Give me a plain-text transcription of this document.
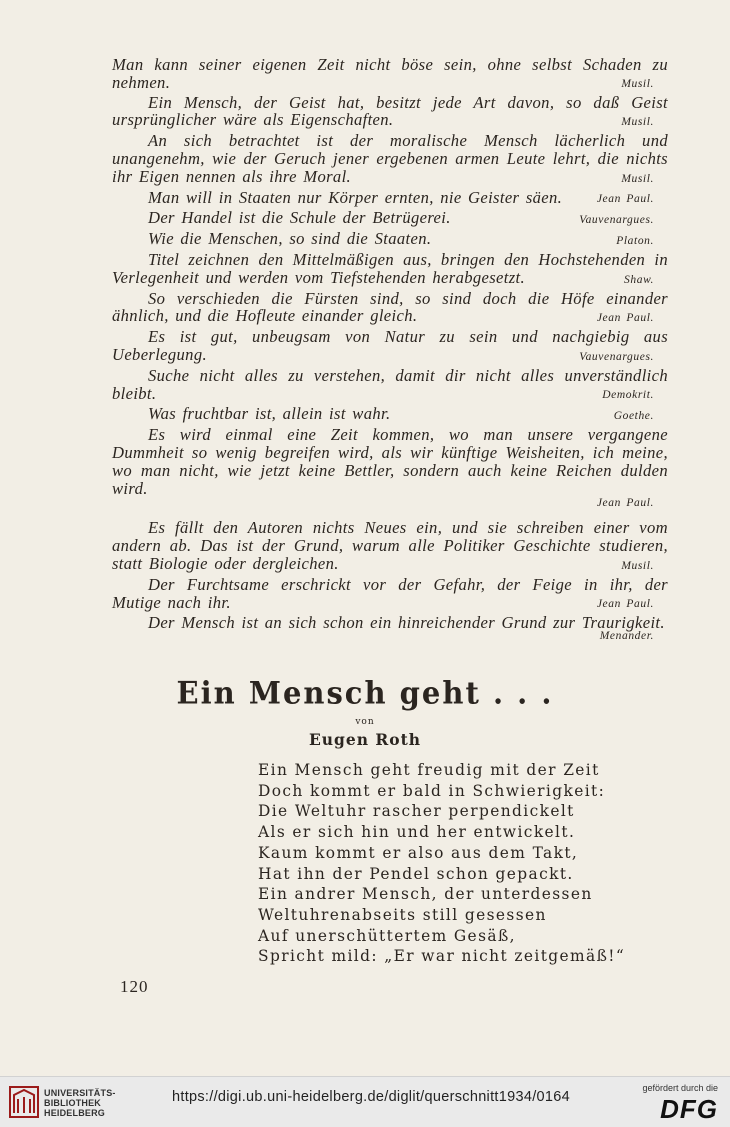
Man kann seiner eigenen Zeit nicht böse sein, ohne selbst Schaden zu nehmen.	Musil.

Ein Mensch, der Geist hat, besitzt jede Art davon, so daß Geist ursprünglicher wäre als Eigenschaften.	Musil.

An sich betrachtet ist der moralische Mensch lächerlich und unangenehm, wie der Geruch jener ergebenen armen Leute lehrt, die nichts ihr Eigen nennen als ihre Moral.	Musil.

Man will in Staaten nur Körper ernten, nie Geister säen.	Jean Paul.

Der Handel ist die Schule der Betrügerei.	Vauvenargues.

Wie die Menschen, so sind die Staaten.	Platon.

Titel zeichnen den Mittelmäßigen aus, bringen den Hochstehenden in Verlegenheit und werden vom Tiefstehenden herabgesetzt.	Shaw.

So verschieden die Fürsten sind, so sind doch die Höfe einander ähnlich, und die Hofleute einander gleich.	Jean Paul.

Es ist gut, unbeugsam von Natur zu sein und nachgiebig aus Ueberlegung.	Vauvenargues.

Suche nicht alles zu verstehen, damit dir nicht alles unverständlich bleibt.	Demokrit.

Was fruchtbar ist, allein ist wahr.	Goethe.

Es wird einmal eine Zeit kommen, wo man unsere vergangene Dummheit so wenig begreifen wird, als wir künftige Weisheiten, ich meine, wo man nicht, wie jetzt keine Bettler, sondern auch keine Reichen dulden wird.
Jean Paul.

Es fällt den Autoren nichts Neues ein, und sie schreiben einer vom andern ab. Das ist der Grund, warum alle Politiker Geschichte studieren, statt Biologie oder dergleichen.	Musil.

Der Furchtsame erschrickt vor der Gefahr, der Feige in ihr, der Mutige nach ihr.	Jean Paul.

Der Mensch ist an sich schon ein hinreichender Grund zur Traurigkeit.
Menander.

Ein Mensch geht . . .
von
Eugen Roth
Ein Mensch geht freudig mit der Zeit
Doch kommt er bald in Schwierigkeit:
Die Weltuhr rascher perpendickelt
Als er sich hin und her entwickelt.
Kaum kommt er also aus dem Takt,
Hat ihn der Pendel schon gepackt.
Ein andrer Mensch, der unterdessen
Weltuhrenabseits still gesessen
Auf unerschüttertem Gesäß,
Spricht mild: „Er war nicht zeitgemäß!“
120
UNIVERSITÄTS-
BIBLIOTHEK
HEIDELBERG
https://digi.ub.uni-heidelberg.de/diglit/querschnitt1934/0164
gefördert durch die
DFG
